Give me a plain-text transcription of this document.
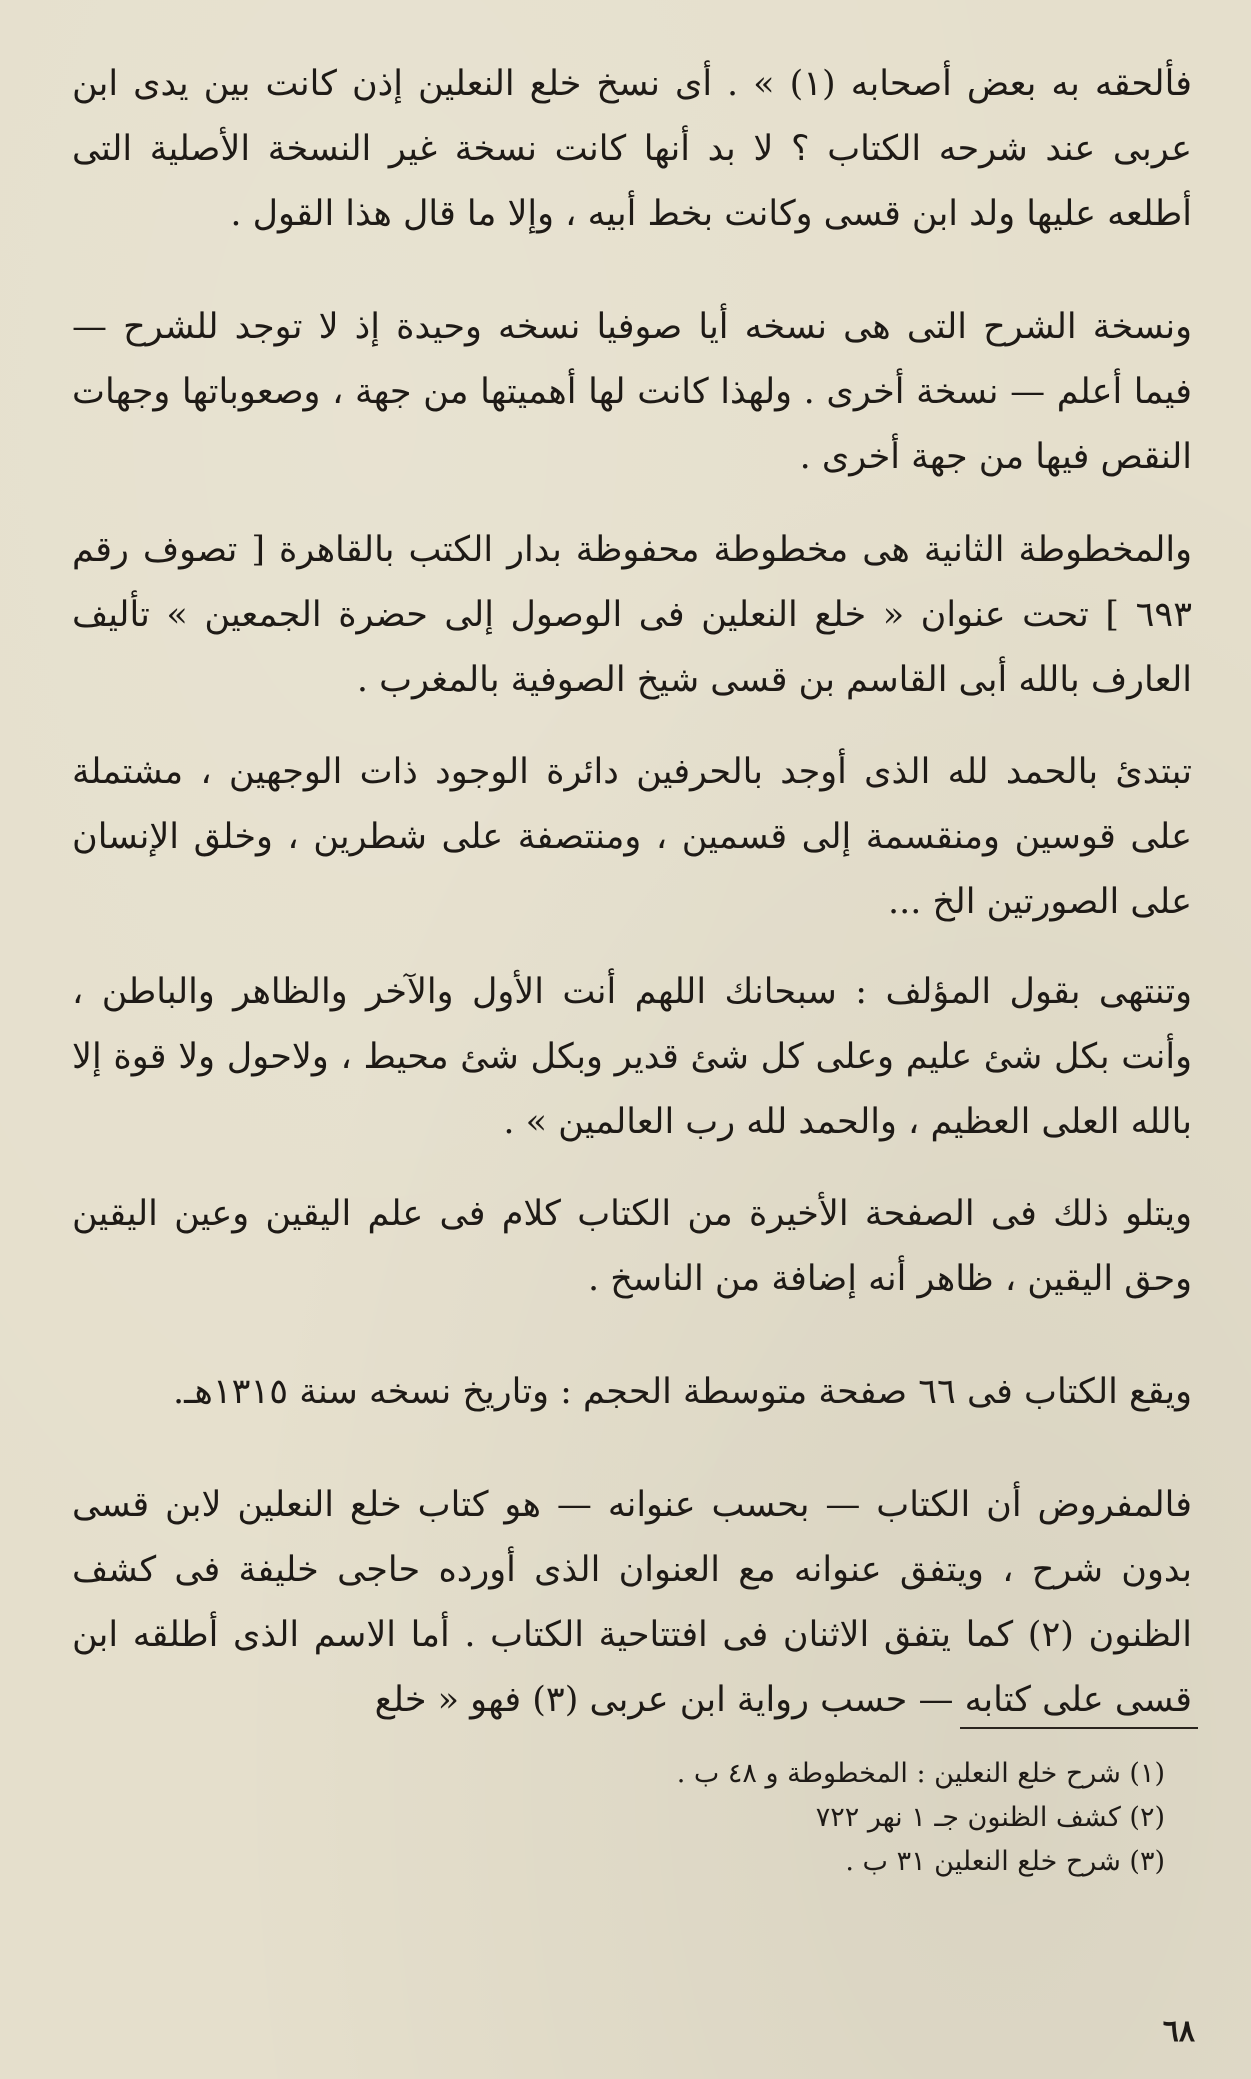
فألحقه به بعض أصحابه (١) » . أى نسخ خلع النعلين إذن كانت بين يدى ابن عربى عند شرحه الكتاب ؟ لا بد أنها كانت نسخة غير النسخة الأصلية التى أطلعه عليها ولد ابن قسى وكانت بخط أبيه ، وإلا ما قال هذا القول .

ونسخة الشرح التى هى نسخه أيا صوفيا نسخه وحيدة إذ لا توجد للشرح — فيما أعلم — نسخة أخرى . ولهذا كانت لها أهميتها من جهة ، وصعوباتها وجهات النقص فيها من جهة أخرى .

والمخطوطة الثانية هى مخطوطة محفوظة بدار الكتب بالقاهرة [ تصوف رقم ٦٩٣ ] تحت عنوان « خلع النعلين فى الوصول إلى حضرة الجمعين » تأليف العارف بالله أبى القاسم بن قسى شيخ الصوفية بالمغرب .

تبتدئ بالحمد لله الذى أوجد بالحرفين دائرة الوجود ذات الوجهين ، مشتملة على قوسين ومنقسمة إلى قسمين ، ومنتصفة على شطرين ، وخلق الإنسان على الصورتين الخ ...

وتنتهى بقول المؤلف : سبحانك اللهم أنت الأول والآخر والظاهر والباطن ، وأنت بكل شئ عليم وعلى كل شئ قدير وبكل شئ محيط ، ولاحول ولا قوة إلا بالله العلى العظيم ، والحمد لله رب العالمين » .

ويتلو ذلك فى الصفحة الأخيرة من الكتاب كلام فى علم اليقين وعين اليقين وحق اليقين ، ظاهر أنه إضافة من الناسخ .

ويقع الكتاب فى ٦٦ صفحة متوسطة الحجم : وتاريخ نسخه سنة ١٣١٥هـ.

فالمفروض أن الكتاب — بحسب عنوانه — هو كتاب خلع النعلين لابن قسى بدون شرح ، ويتفق عنوانه مع العنوان الذى أورده حاجى خليفة فى كشف الظنون (٢) كما يتفق الاثنان فى افتتاحية الكتاب . أما الاسم الذى أطلقه ابن قسى على كتابه — حسب رواية ابن عربى (٣) فهو « خلع

(١) شرح خلع النعلين : المخطوطة و ٤٨ ب .
(٢) كشف الظنون جـ ١ نهر ٧٢٢
(٣) شرح خلع النعلين ٣١ ب .
٦٨
